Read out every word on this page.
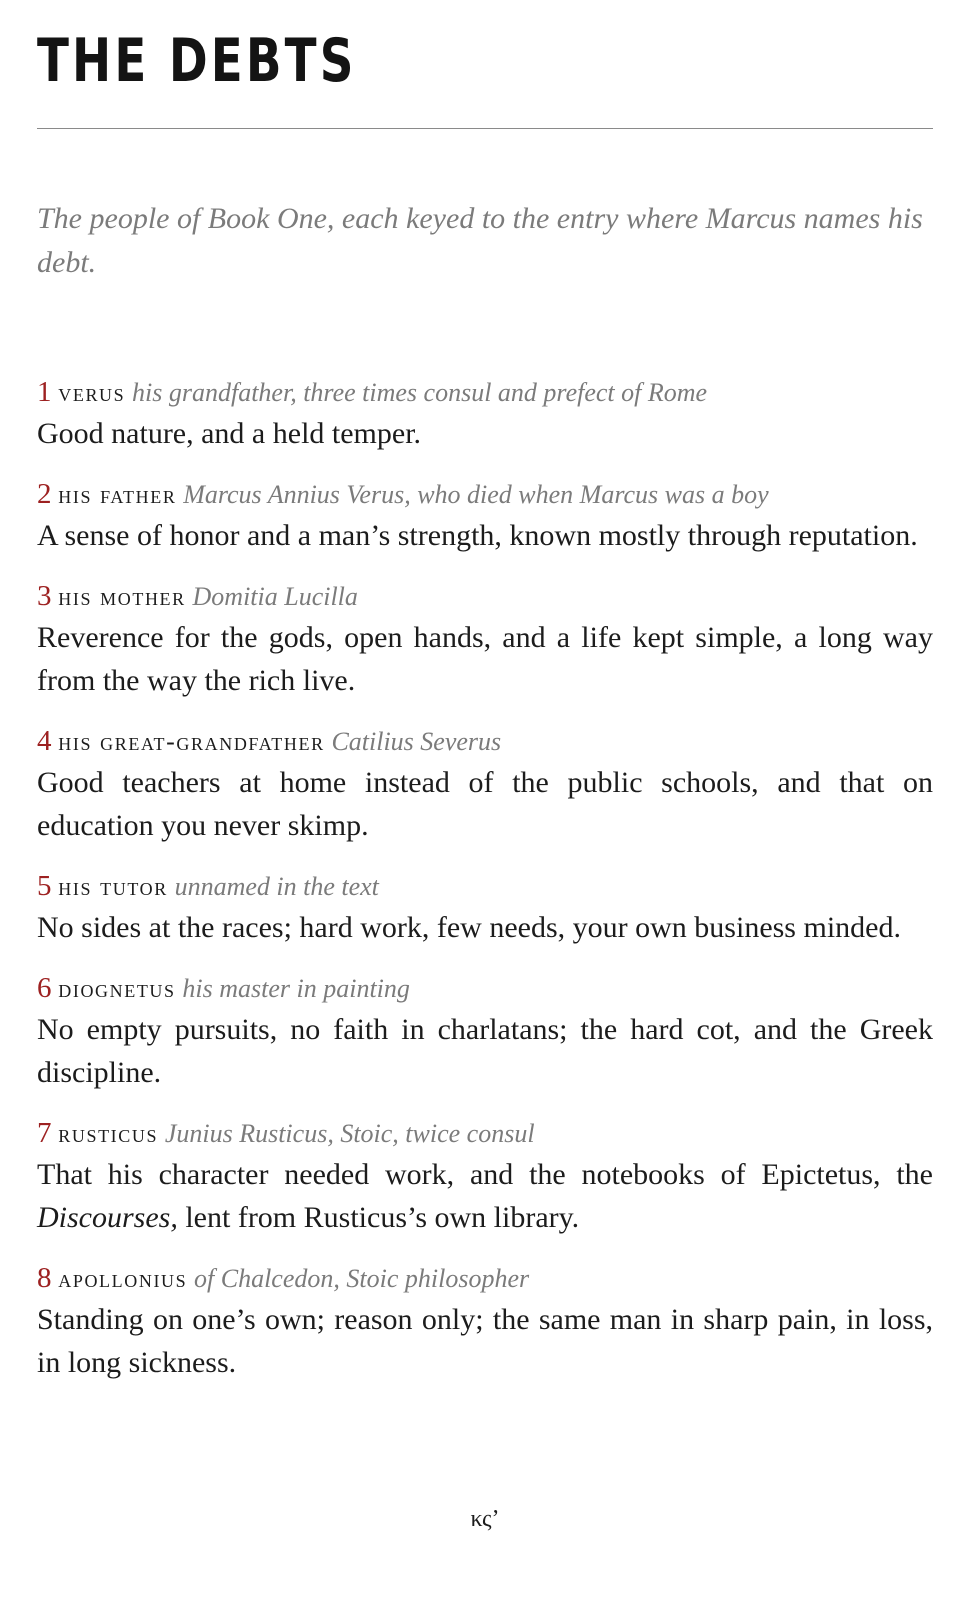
THE DEBTS
The people of Book One, each keyed to the entry where Marcus names his debt.
1 verus his grandfather, three times consul and prefect of Rome
Good nature, and a held temper.
2 his father Marcus Annius Verus, who died when Marcus was a boy
A sense of honor and a man’s strength, known mostly through reputation.
3 his mother Domitia Lucilla
Reverence for the gods, open hands, and a life kept simple, a long way from the way the rich live.
4 his great-grandfather Catilius Severus
Good teachers at home instead of the public schools, and that on education you never skimp.
5 his tutor unnamed in the text
No sides at the races; hard work, few needs, your own business minded.
6 diognetus his master in painting
No empty pursuits, no faith in charlatans; the hard cot, and the Greek discipline.
7 rusticus Junius Rusticus, Stoic, twice consul
That his character needed work, and the notebooks of Epictetus, the Discourses, lent from Rusticus’s own library.
8 apollonius of Chalcedon, Stoic philosopher
Standing on one’s own; reason only; the same man in sharp pain, in loss, in long sickness.
κς’
